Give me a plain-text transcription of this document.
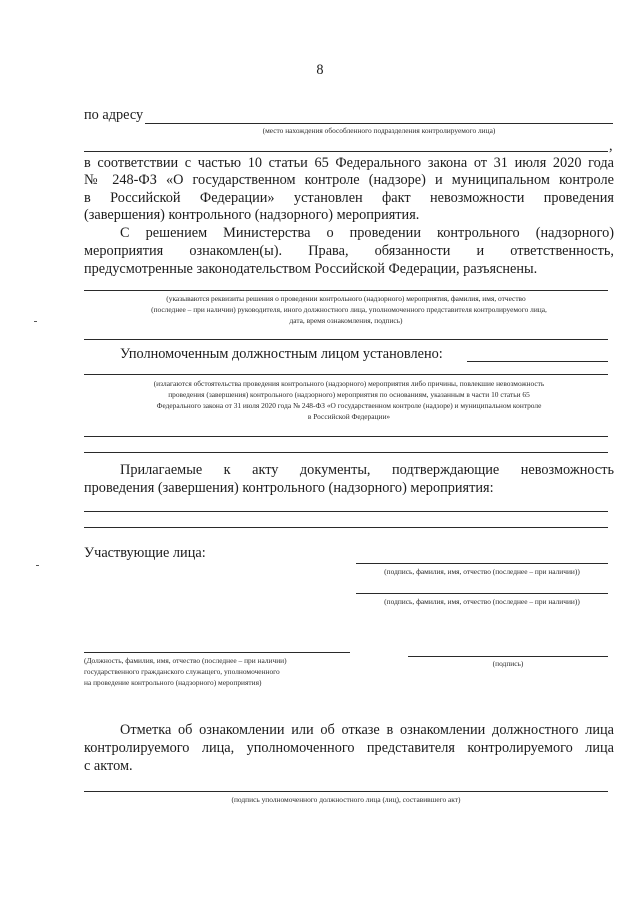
8
по адресу
(место нахождения обособленного подразделения контролируемого лица)
,
в соответствии с частью 10 статьи 65 Федерального закона от 31 июля 2020 года
№ 248-ФЗ «О государственном контроле (надзоре) и муниципальном контроле
в Российской Федерации» установлен факт невозможности проведения
(завершения) контрольного (надзорного) мероприятия.
С решением Министерства о проведении контрольного (надзорного)
мероприятия ознакомлен(ы). Права, обязанности и ответственность,
предусмотренные законодательством Российской Федерации, разъяснены.
(указываются реквизиты решения о проведении контрольного (надзорного) мероприятия, фамилия, имя, отчество
(последнее – при наличии) руководителя, иного должностного лица, уполномоченного представителя контролируемого лица,
дата, время ознакомления, подпись)
Уполномоченным должностным лицом установлено:
(излагаются обстоятельства проведения контрольного (надзорного) мероприятия либо причины, повлекшие невозможность
проведения (завершения) контрольного (надзорного) мероприятия по основаниям, указанным в части 10 статьи 65
Федерального закона от 31 июля 2020 года № 248-ФЗ «О государственном контроле (надзоре) и муниципальном контроле
в Российской Федерации»
Прилагаемые к акту документы, подтверждающие невозможность
проведения (завершения) контрольного (надзорного) мероприятия:
Участвующие лица:
(подпись, фамилия, имя, отчество (последнее – при наличии))
(подпись, фамилия, имя, отчество (последнее – при наличии))
(Должность, фамилия, имя, отчество (последнее – при наличии)
государственного гражданского служащего, уполномоченного
на проведение контрольного (надзорного) мероприятия)
(подпись)
Отметка об ознакомлении или об отказе в ознакомлении должностного лица
контролируемого лица, уполномоченного представителя контролируемого лица
с актом.
(подпись уполномоченного должностного лица (лиц), составившего акт)
